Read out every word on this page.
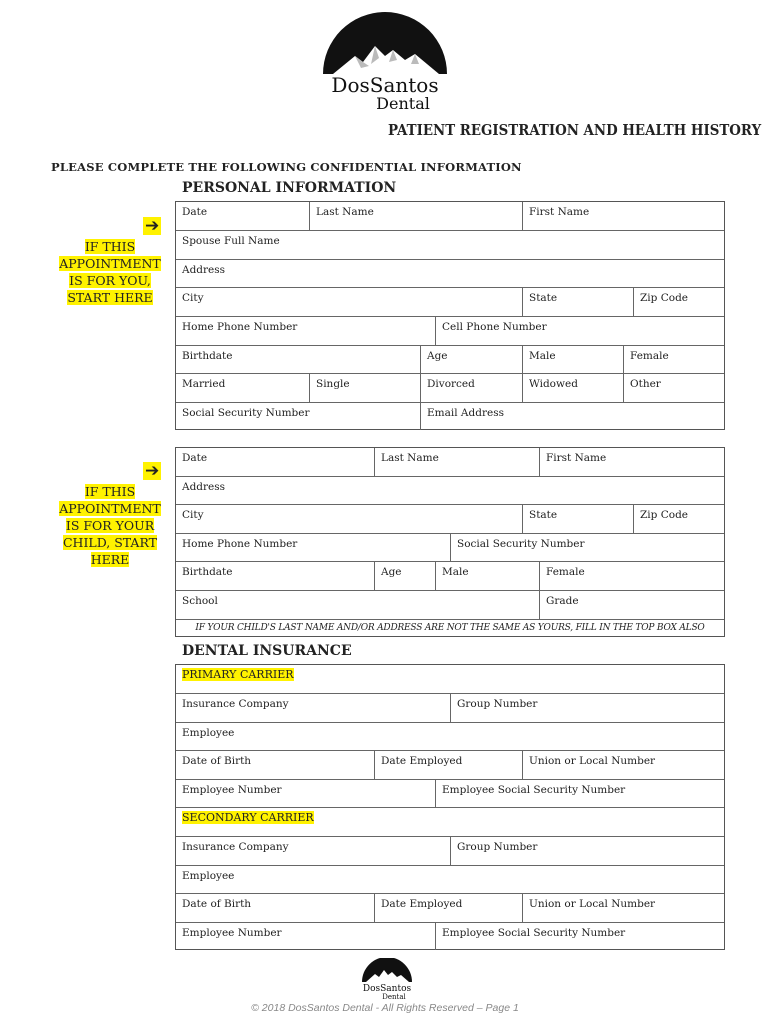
DosSantos
Dental
PATIENT REGISTRATION AND HEALTH HISTORY
PLEASE COMPLETE THE FOLLOWING CONFIDENTIAL INFORMATION
PERSONAL INFORMATION
➔
IF THIS APPOINTMENT IS FOR YOU, START HERE
Date	Last Name	First Name
Spouse Full Name
Address
City	State	Zip Code
Home Phone Number	Cell Phone Number
Birthdate	Age	Male	Female
Married	Single	Divorced	Widowed	Other
Social Security Number	Email Address
➔
IF THIS APPOINTMENT IS FOR YOUR CHILD, START HERE
Date	Last Name	First Name
Address
City	State	Zip Code
Home Phone Number	Social Security Number
Birthdate	Age	Male	Female
School	Grade
IF YOUR CHILD'S LAST NAME AND/OR ADDRESS ARE NOT THE SAME AS YOURS, FILL IN THE TOP BOX ALSO
DENTAL INSURANCE
PRIMARY CARRIER
Insurance Company	Group Number
Employee
Date of Birth	Date Employed	Union or Local Number
Employee Number	Employee Social Security Number
SECONDARY CARRIER
Insurance Company	Group Number
Employee
Date of Birth	Date Employed	Union or Local Number
Employee Number	Employee Social Security Number
DosSantos
Dental
© 2018 DosSantos Dental - All Rights Reserved – Page 1
